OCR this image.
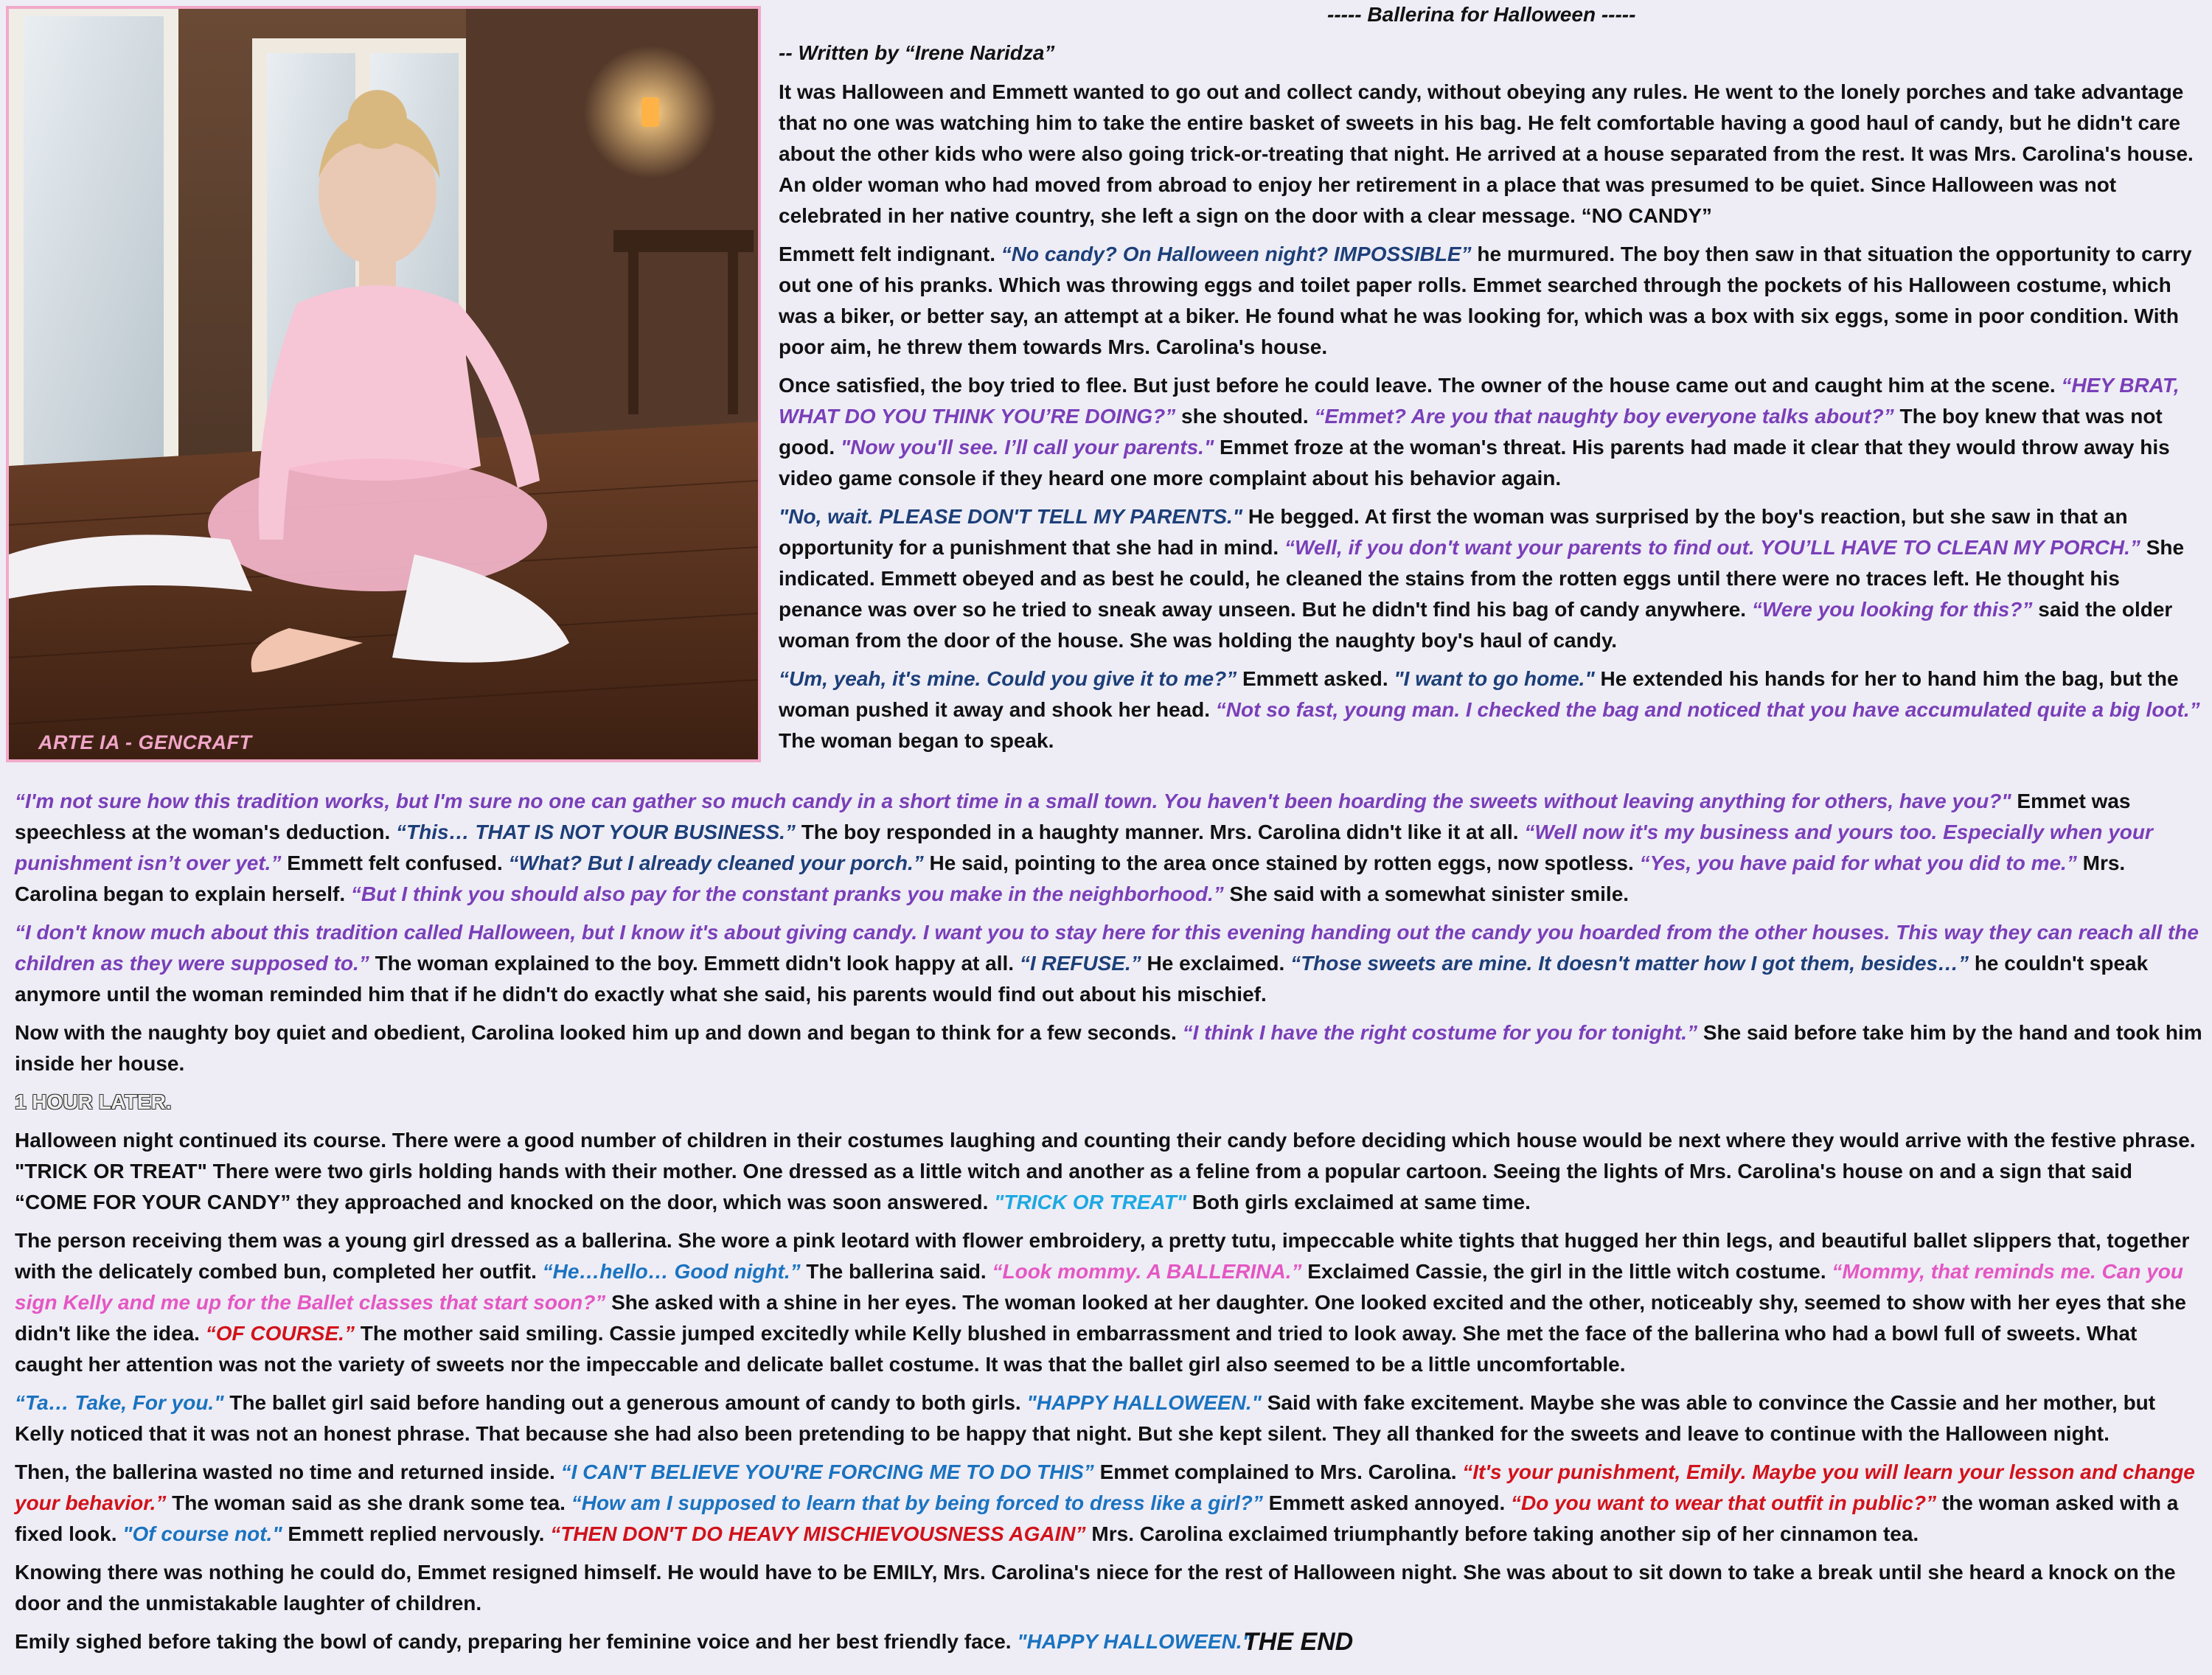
ARTE IA - GENCRAFT
----- Ballerina for Halloween -----
-- Written by “Irene Naridza”

It was Halloween and Emmett wanted to go out and collect candy, without obeying any rules. He went to the lonely porches and take advantage that no one was watching him to take the entire basket of sweets in his bag. He felt comfortable having a good haul of candy, but he didn't care about the other kids who were also going trick-or-treating that night. He arrived at a house separated from the rest. It was Mrs. Carolina's house. An older woman who had moved from abroad to enjoy her retirement in a place that was presumed to be quiet. Since Halloween was not celebrated in her native country, she left a sign on the door with a clear message. “NO CANDY”

Emmett felt indignant. “No candy? On Halloween night? IMPOSSIBLE” he murmured. The boy then saw in that situation the opportunity to carry out one of his pranks. Which was throwing eggs and toilet paper rolls. Emmet searched through the pockets of his Halloween costume, which was a biker, or better say, an attempt at a biker. He found what he was looking for, which was a box with six eggs, some in poor condition. With poor aim, he threw them towards Mrs. Carolina's house.

Once satisfied, the boy tried to flee. But just before he could leave. The owner of the house came out and caught him at the scene. “HEY BRAT, WHAT DO YOU THINK YOU’RE DOING?” she shouted. “Emmet? Are you that naughty boy everyone talks about?” The boy knew that was not good. "Now you'll see. I’ll call your parents." Emmet froze at the woman's threat. His parents had made it clear that they would throw away his video game console if they heard one more complaint about his behavior again.

"No, wait. PLEASE DON'T TELL MY PARENTS." He begged. At first the woman was surprised by the boy's reaction, but she saw in that an opportunity for a punishment that she had in mind. “Well, if you don't want your parents to find out. YOU’LL HAVE TO CLEAN MY PORCH.” She indicated. Emmett obeyed and as best he could, he cleaned the stains from the rotten eggs until there were no traces left. He thought his penance was over so he tried to sneak away unseen. But he didn't find his bag of candy anywhere. “Were you looking for this?” said the older woman from the door of the house. She was holding the naughty boy's haul of candy.

“Um, yeah, it's mine. Could you give it to me?” Emmett asked. "I want to go home." He extended his hands for her to hand him the bag, but the woman pushed it away and shook her head. “Not so fast, young man. I checked the bag and noticed that you have accumulated quite a big loot.” The woman began to speak.

“I'm not sure how this tradition works, but I'm sure no one can gather so much candy in a short time in a small town. You haven't been hoarding the sweets without leaving anything for others, have you?" Emmet was speechless at the woman's deduction. “This… THAT IS NOT YOUR BUSINESS.” The boy responded in a haughty manner. Mrs. Carolina didn't like it at all. “Well now it's my business and yours too. Especially when your punishment isn’t over yet.” Emmett felt confused. “What? But I already cleaned your porch.” He said, pointing to the area once stained by rotten eggs, now spotless. “Yes, you have paid for what you did to me.” Mrs. Carolina began to explain herself. “But I think you should also pay for the constant pranks you make in the neighborhood.” She said with a somewhat sinister smile.

“I don't know much about this tradition called Halloween, but I know it's about giving candy. I want you to stay here for this evening handing out the candy you hoarded from the other houses. This way they can reach all the children as they were supposed to.” The woman explained to the boy. Emmett didn't look happy at all. “I REFUSE.” He exclaimed. “Those sweets are mine. It doesn't matter how I got them, besides…” he couldn't speak anymore until the woman reminded him that if he didn't do exactly what she said, his parents would find out about his mischief.

Now with the naughty boy quiet and obedient, Carolina looked him up and down and began to think for a few seconds. “I think I have the right costume for you for tonight.” She said before take him by the hand and took him inside her house.

1 HOUR LATER.

Halloween night continued its course. There were a good number of children in their costumes laughing and counting their candy before deciding which house would be next where they would arrive with the festive phrase. "TRICK OR TREAT" There were two girls holding hands with their mother. One dressed as a little witch and another as a feline from a popular cartoon. Seeing the lights of Mrs. Carolina's house on and a sign that said “COME FOR YOUR CANDY” they approached and knocked on the door, which was soon answered. "TRICK OR TREAT" Both girls exclaimed at same time.

The person receiving them was a young girl dressed as a ballerina. She wore a pink leotard with flower embroidery, a pretty tutu, impeccable white tights that hugged her thin legs, and beautiful ballet slippers that, together with the delicately combed bun, completed her outfit. “He…hello… Good night.” The ballerina said. “Look mommy. A BALLERINA.” Exclaimed Cassie, the girl in the little witch costume. “Mommy, that reminds me. Can you sign Kelly and me up for the Ballet classes that start soon?” She asked with a shine in her eyes. The woman looked at her daughter. One looked excited and the other, noticeably shy, seemed to show with her eyes that she didn't like the idea. “OF COURSE.” The mother said smiling. Cassie jumped excitedly while Kelly blushed in embarrassment and tried to look away. She met the face of the ballerina who had a bowl full of sweets. What caught her attention was not the variety of sweets nor the impeccable and delicate ballet costume. It was that the ballet girl also seemed to be a little uncomfortable.

“Ta… Take, For you." The ballet girl said before handing out a generous amount of candy to both girls. "HAPPY HALLOWEEN." Said with fake excitement. Maybe she was able to convince the Cassie and her mother, but Kelly noticed that it was not an honest phrase. That because she had also been pretending to be happy that night. But she kept silent. They all thanked for the sweets and leave to continue with the Halloween night.

Then, the ballerina wasted no time and returned inside. “I CAN'T BELIEVE YOU'RE FORCING ME TO DO THIS” Emmet complained to Mrs. Carolina. “It's your punishment, Emily. Maybe you will learn your lesson and change your behavior.” The woman said as she drank some tea. “How am I supposed to learn that by being forced to dress like a girl?” Emmett asked annoyed. “Do you want to wear that outfit in public?” the woman asked with a fixed look. "Of course not." Emmett replied nervously. “THEN DON'T DO HEAVY MISCHIEVOUSNESS AGAIN” Mrs. Carolina exclaimed triumphantly before taking another sip of her cinnamon tea.

Knowing there was nothing he could do, Emmet resigned himself. He would have to be EMILY, Mrs. Carolina's niece for the rest of Halloween night. She was about to sit down to take a break until she heard a knock on the door and the unmistakable laughter of children.

Emily sighed before taking the bowl of candy, preparing her feminine voice and her best friendly face. "HAPPY HALLOWEEN."

THE END
